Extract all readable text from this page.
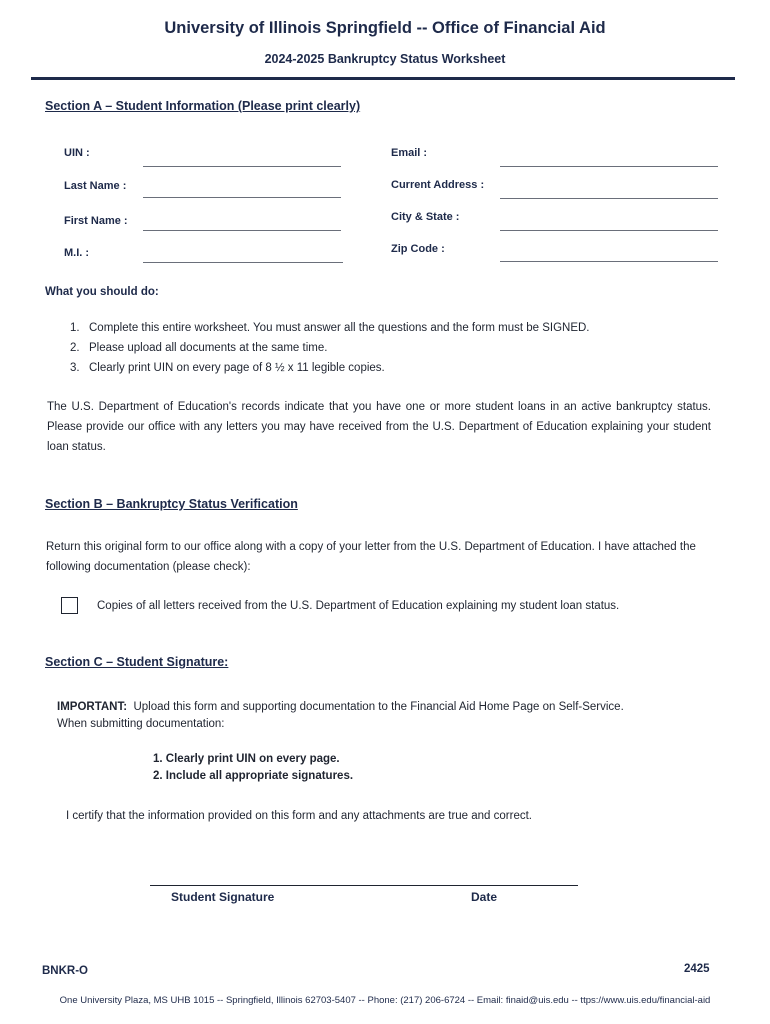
University of Illinois Springfield -- Office of Financial Aid
2024-2025 Bankruptcy Status Worksheet
Section A – Student Information (Please print clearly)
UIN :
Last Name :
First Name :
M.I. :
Email :
Current Address :
City & State :
Zip Code :
What you should do:
1. Complete this entire worksheet. You must answer all the questions and the form must be SIGNED.
2. Please upload all documents at the same time.
3. Clearly print UIN on every page of 8 ½ x 11 legible copies.
The U.S. Department of Education's records indicate that you have one or more student loans in an active bankruptcy status. Please provide our office with any letters you may have received from the U.S. Department of Education explaining your student loan status.
Section B – Bankruptcy Status Verification
Return this original form to our office along with a copy of your letter from the U.S. Department of Education. I have attached the following documentation (please check):
Copies of all letters received from the U.S. Department of Education explaining my student loan status.
Section C – Student Signature:
IMPORTANT: Upload this form and supporting documentation to the Financial Aid Home Page on Self-Service.
When submitting documentation:
1. Clearly print UIN on every page.
2. Include all appropriate signatures.
I certify that the information provided on this form and any attachments are true and correct.
Student Signature	Date
BNKR-O	2425
One University Plaza, MS UHB 1015 -- Springfield, Illinois 62703-5407 -- Phone: (217) 206-6724 -- Email: finaid@uis.edu -- ttps://www.uis.edu/financial-aid
